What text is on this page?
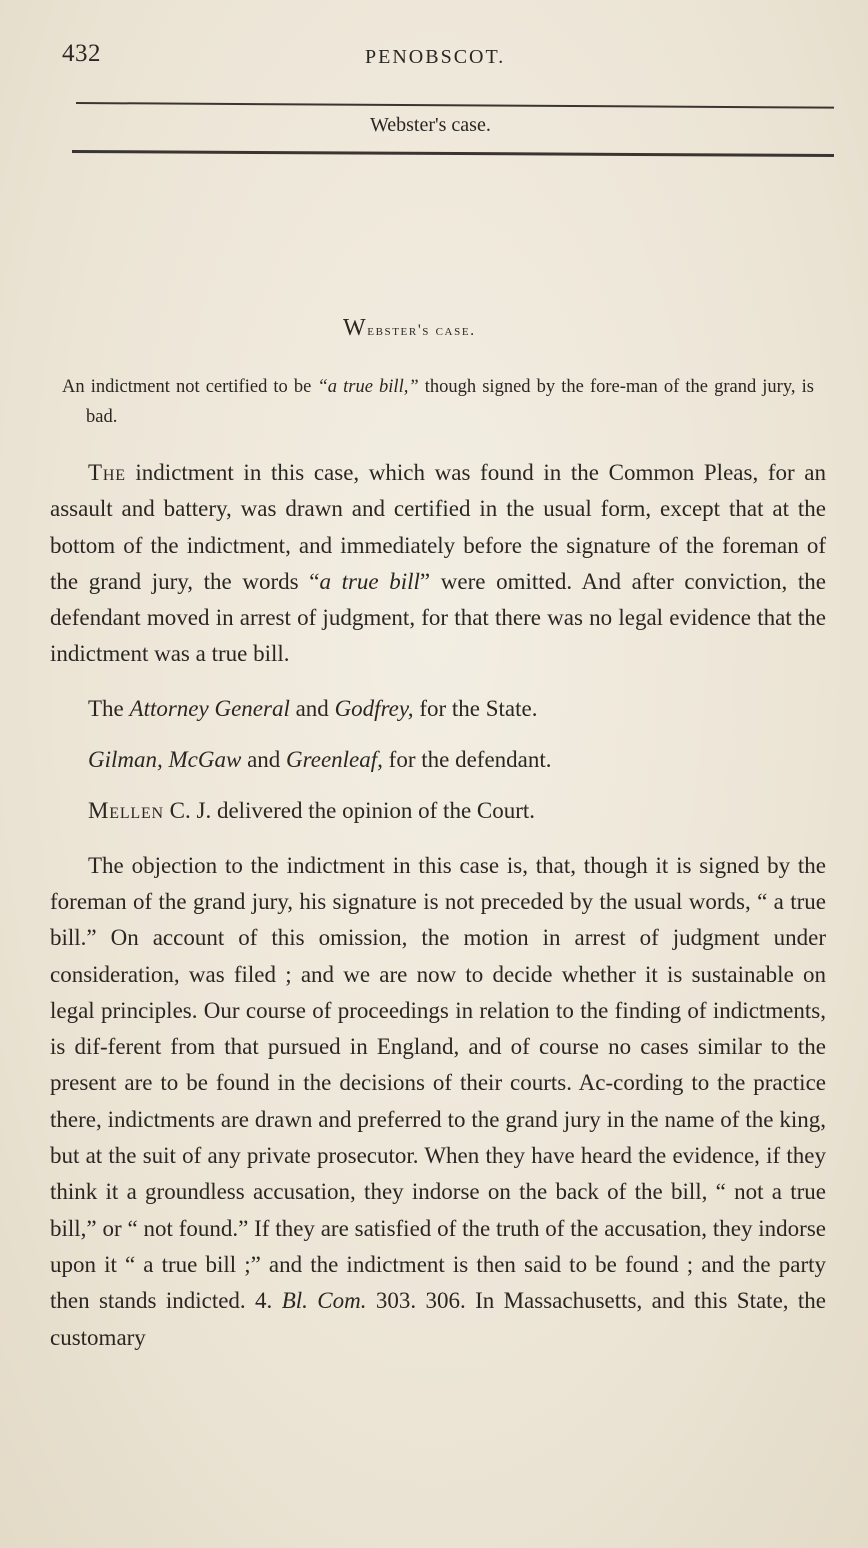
432	PENOBSCOT.
Webster's case.
Webster's case.

An indictment not certified to be “a true bill,” though signed by the fore-man of the grand jury, is bad.

The indictment in this case, which was found in the Common Pleas, for an assault and battery, was drawn and certified in the usual form, except that at the bottom of the indictment, and immediately before the signature of the foreman of the grand jury, the words “a true bill” were omitted. And after conviction, the defendant moved in arrest of judgment, for that there was no legal evidence that the indictment was a true bill.

The Attorney General and Godfrey, for the State.

Gilman, McGaw and Greenleaf, for the defendant.

Mellen C. J. delivered the opinion of the Court.

The objection to the indictment in this case is, that, though it is signed by the foreman of the grand jury, his signature is not preceded by the usual words, “ a true bill.” On account of this omission, the motion in arrest of judgment under consideration, was filed ; and we are now to decide whether it is sustainable on legal principles. Our course of proceedings in relation to the finding of indictments, is dif-ferent from that pursued in England, and of course no cases similar to the present are to be found in the decisions of their courts. Ac-cording to the practice there, indictments are drawn and preferred to the grand jury in the name of the king, but at the suit of any private prosecutor. When they have heard the evidence, if they think it a groundless accusation, they indorse on the back of the bill, “ not a true bill,” or “ not found.” If they are satisfied of the truth of the accusation, they indorse upon it “ a true bill ;” and the indictment is then said to be found ; and the party then stands indicted. 4. Bl. Com. 303. 306. In Massachusetts, and this State, the customary
